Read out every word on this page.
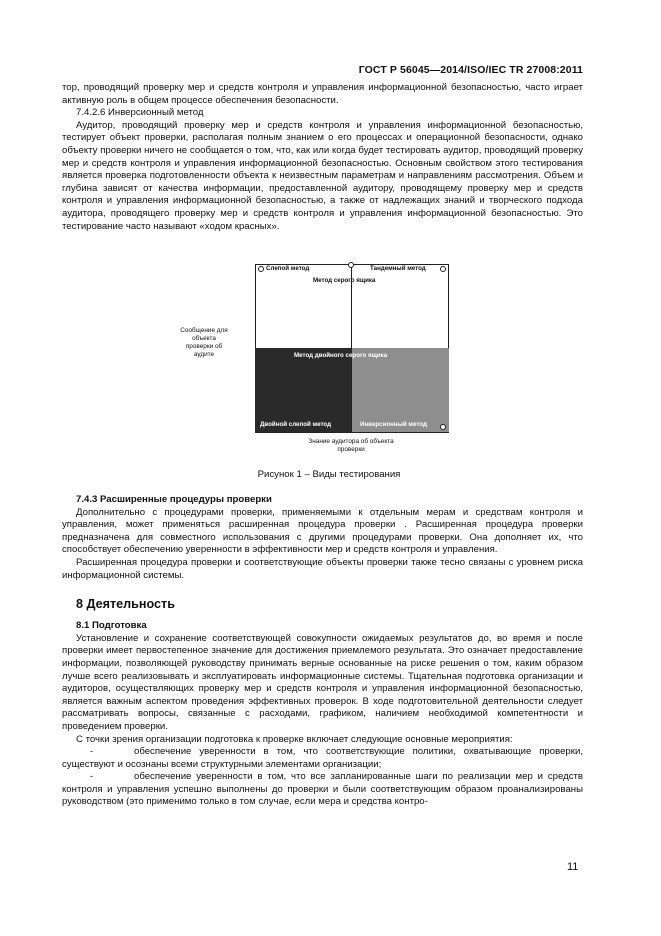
ГОСТ Р 56045—2014/ISO/IEC TR 27008:2011

тор, проводящий проверку мер и средств контроля и управления информационной безопасностью, часто играет активную роль в общем процессе обеспечения безопасности.

7.4.2.6 Инверсионный метод

Аудитор, проводящий проверку мер и средств контроля и управления информационной безопасностью, тестирует объект проверки, располагая полным знанием о его процессах и операционной безопасности, однако объекту проверки ничего не сообщается о том, что, как или когда будет тестировать аудитор, проводящий проверку мер и средств контроля и управления информационной безопасностью. Основным свойством этого тестирования является проверка подготовленности объекта к неизвестным параметрам и направлениям рассмотрения. Объем и глубина зависят от качества информации, предоставленной аудитору, проводящему проверку мер и средств контроля и управления информационной безопасностью, а также от надлежащих знаний и творческого подхода аудитора, проводящего проверку мер и средств контроля и управления информационной безопасностью. Это тестирование часто называют «ходом красных».

Сообщение для объекта проверки об аудите
Слепой метод	Тандемный метод
Метод серого ящика
Метод двойного серого ящика
Двойной слепой метод	Инверсионный метод
Знание аудитора об объекта проверки
Рисунок 1 – Виды тестирования

7.4.3 Расширенные процедуры проверки

Дополнительно с процедурами проверки, применяемыми к отдельным мерам и средствам контроля и управления, может применяться расширенная процедура проверки . Расширенная процедура проверки предназначена для совместного использования с другими процедурами проверки. Она дополняет их, что способствует обеспечению уверенности в эффективности мер и средств контроля и управления.

Расширенная процедура проверки и соответствующие объекты проверки также тесно связаны с уровнем риска информационной системы.

8 Деятельность

8.1 Подготовка

Установление и сохранение соответствующей совокупности ожидаемых результатов до, во время и после проверки имеет первостепенное значение для достижения приемлемого результата. Это означает предоставление информации, позволяющей руководству принимать верные основанные на риске решения о том, каким образом лучше всего реализовывать и эксплуатировать информационные системы. Тщательная подготовка организации и аудиторов, осуществляющих проверку мер и средств контроля и управления информационной безопасностью, является важным аспектом проведения эффективных проверок. В ходе подготовительной деятельности следует рассматривать вопросы, связанные с расходами, графиком, наличием необходимой компетентности и проведением проверки.

С точки зрения организации подготовка к проверке включает следующие основные мероприятия:

-обеспечение уверенности в том, что соответствующие политики, охватывающие проверки, существуют и осознаны всеми структурными элементами организации;

-обеспечение уверенности в том, что все запланированные шаги по реализации мер и средств контроля и управления успешно выполнены до проверки и были соответствующим образом проанализированы руководством (это применимо только в том случае, если мера и средства контро-

11
